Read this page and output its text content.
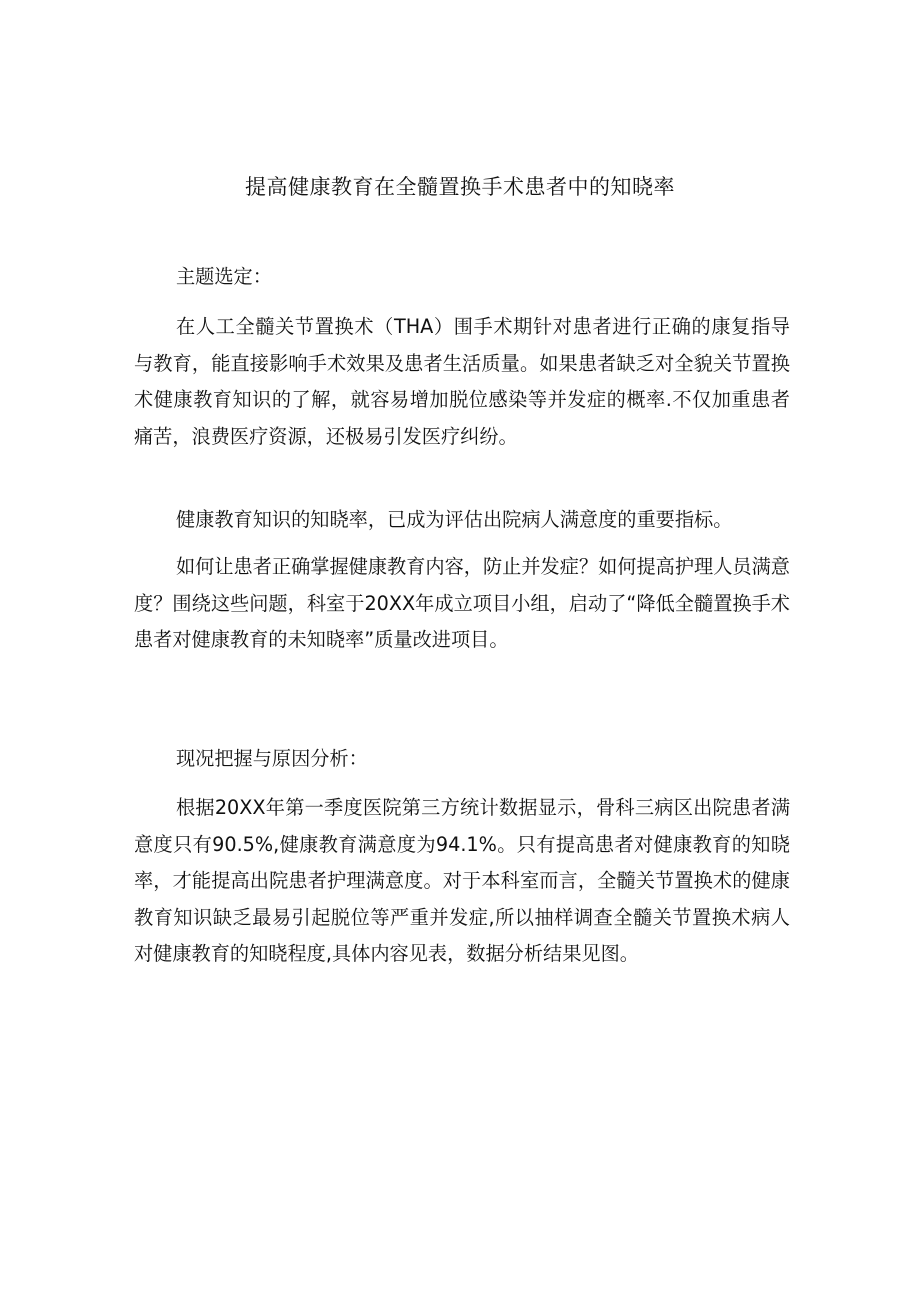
提高健康教育在全髓置换手术患者中的知晓率

主题选定：

在人工全髓关节置换术（THA）围手术期针对患者进行正确的康复指导与教育，能直接影响手术效果及患者生活质量。如果患者缺乏对全貌关节置换术健康教育知识的了解，就容易增加脱位感染等并发症的概率.不仅加重患者痛苦，浪费医疗资源，还极易引发医疗纠纷。

健康教育知识的知晓率，已成为评估出院病人满意度的重要指标。

如何让患者正确掌握健康教育内容，防止并发症？如何提高护理人员满意度？围绕这些问题，科室于20XX年成立项目小组，启动了“降低全髓置换手术患者对健康教育的未知晓率”质量改进项目。

现况把握与原因分析：

根据20XX年第一季度医院第三方统计数据显示，骨科三病区出院患者满意度只有90.5%,健康教育满意度为94.1%。只有提高患者对健康教育的知晓率，才能提高出院患者护理满意度。对于本科室而言，全髓关节置换术的健康教育知识缺乏最易引起脱位等严重并发症,所以抽样调查全髓关节置换术病人对健康教育的知晓程度,具体内容见表，数据分析结果见图。
